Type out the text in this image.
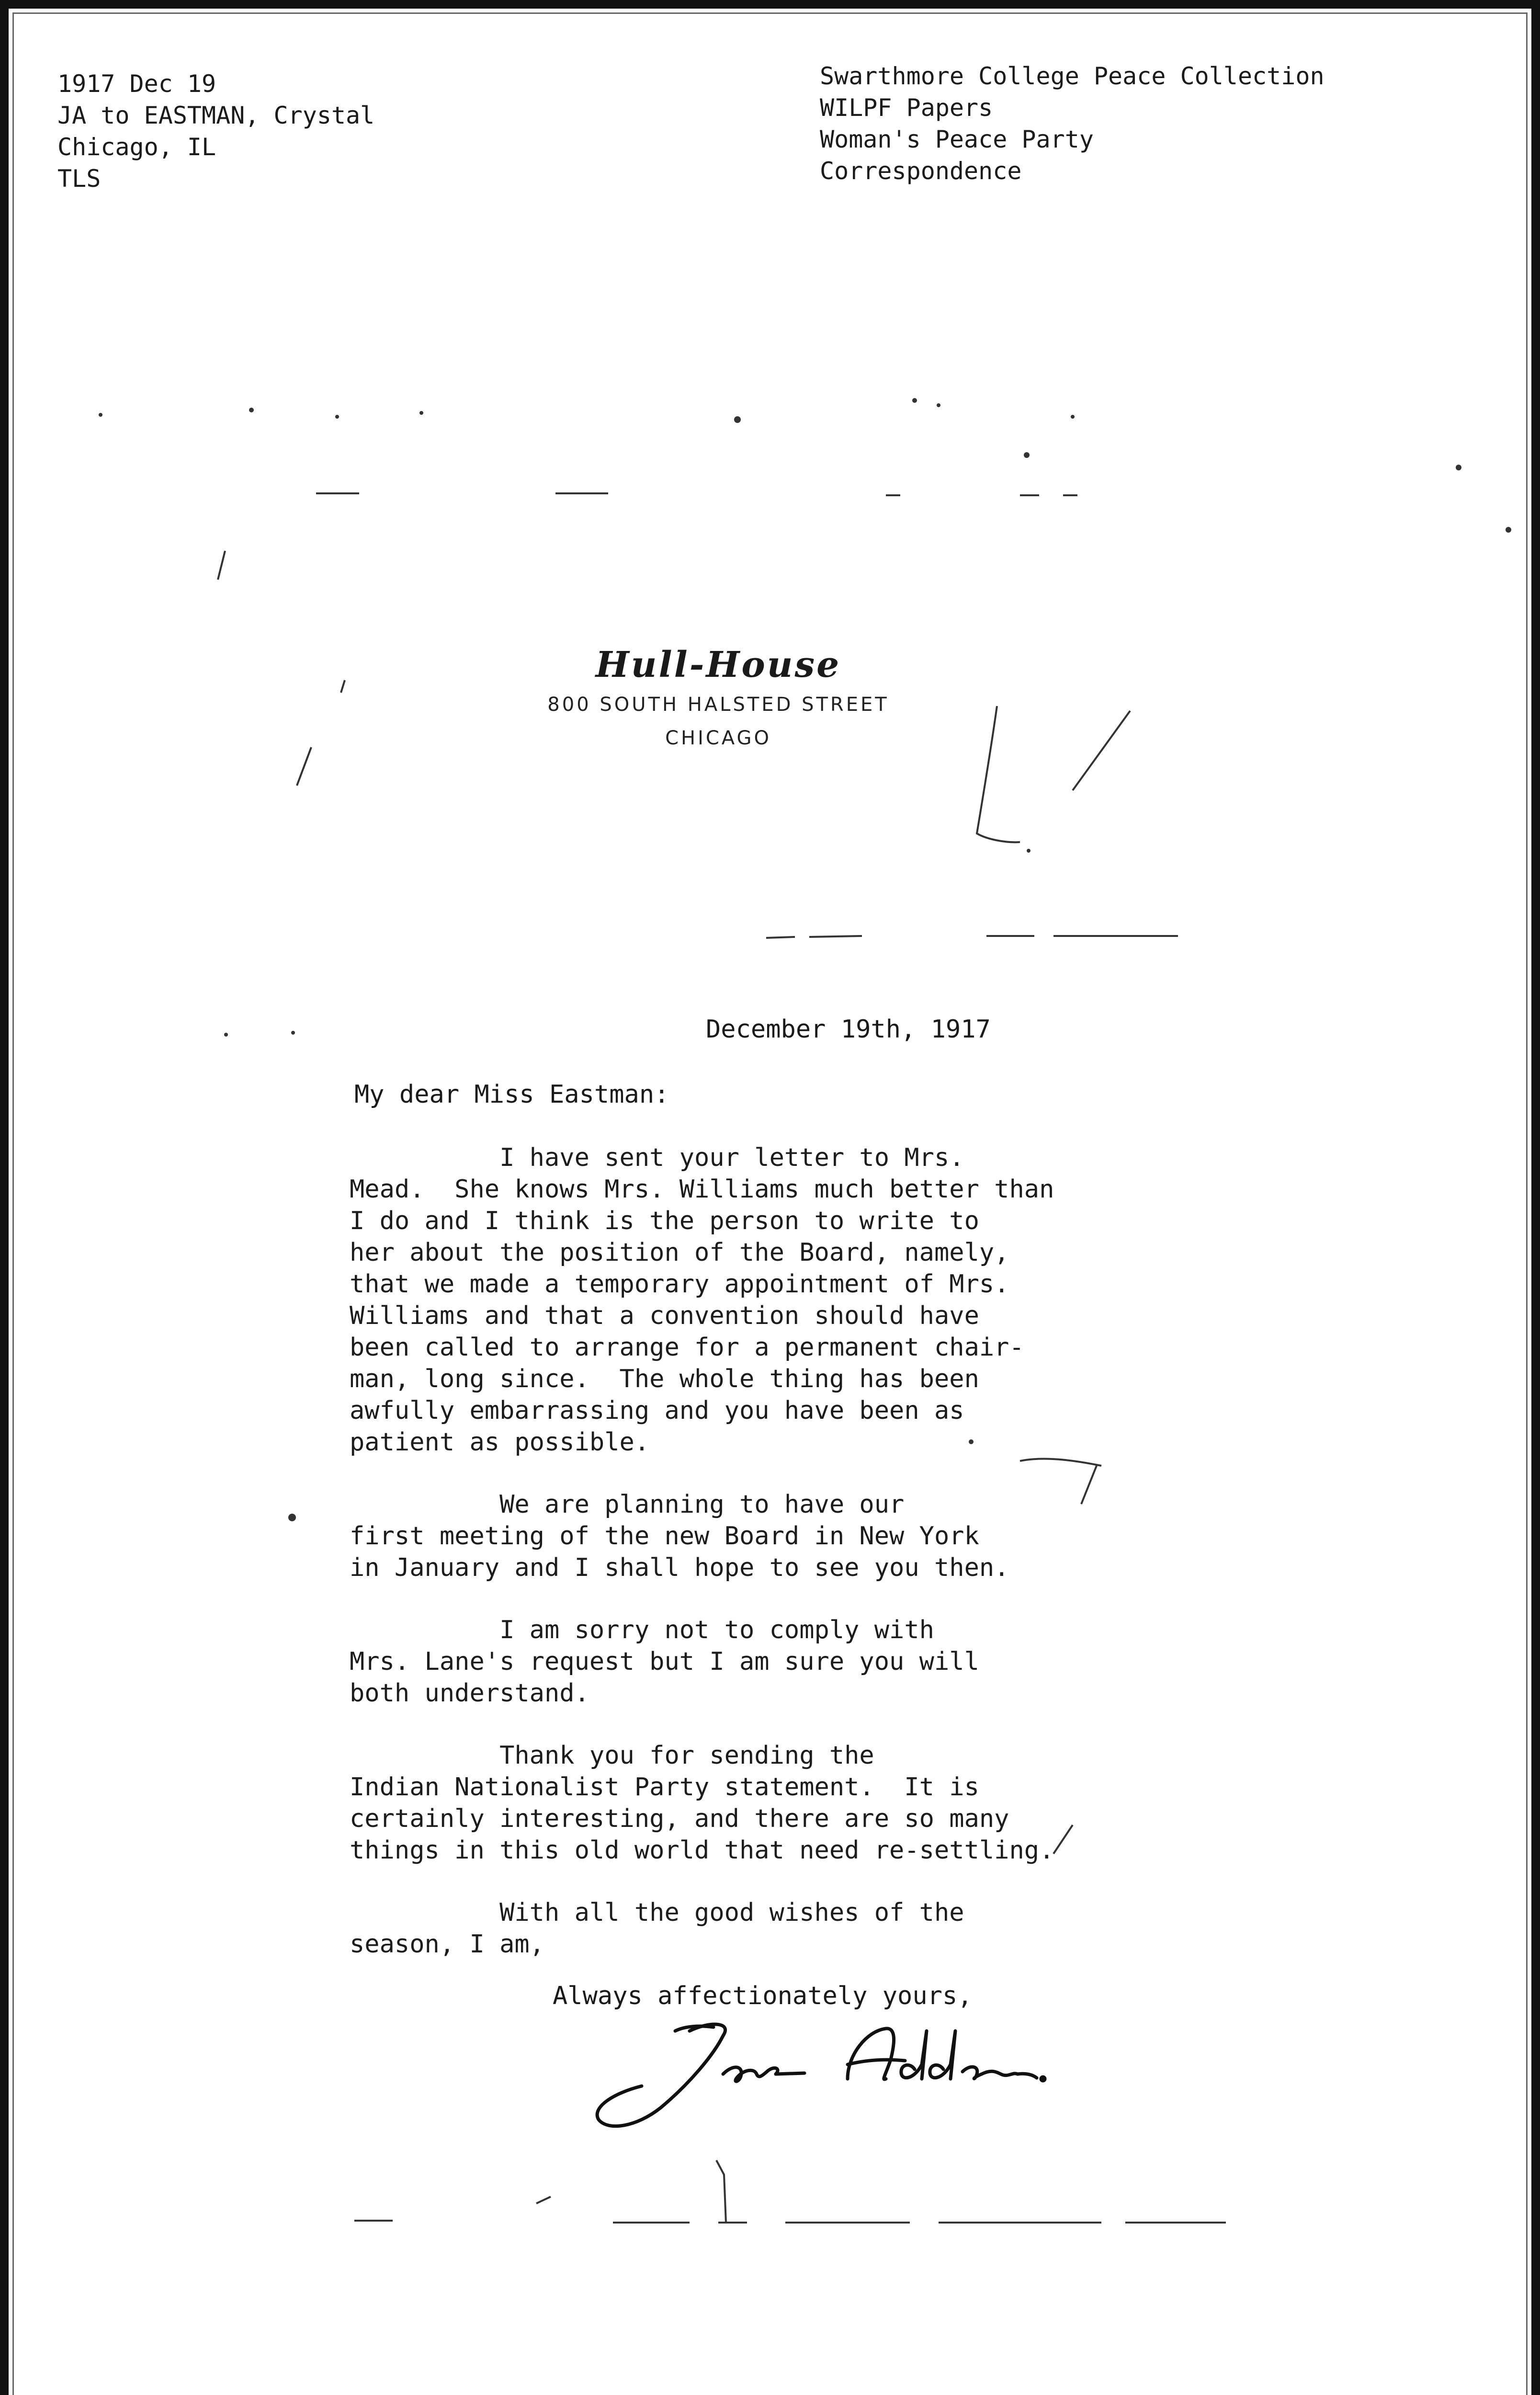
1917 Dec 19
JA to EASTMAN, Crystal
Chicago, IL
TLS
Swarthmore College Peace Collection
WILPF Papers
Woman's Peace Party
Correspondence
Hull-House
800 SOUTH HALSTED STREET
CHICAGO
December 19th, 1917
My dear Miss Eastman:
I have sent your letter to Mrs.
Mead.  She knows Mrs. Williams much better than
I do and I think is the person to write to
her about the position of the Board, namely,
that we made a temporary appointment of Mrs.
Williams and that a convention should have
been called to arrange for a permanent chair-
man, long since.  The whole thing has been
awfully embarrassing and you have been as
patient as possible.
We are planning to have our
first meeting of the new Board in New York
in January and I shall hope to see you then.
I am sorry not to comply with
Mrs. Lane's request but I am sure you will
both understand.
Thank you for sending the
Indian Nationalist Party statement.  It is
certainly interesting, and there are so many
things in this old world that need re-settling.
With all the good wishes of the
season, I am,
Always affectionately yours,
